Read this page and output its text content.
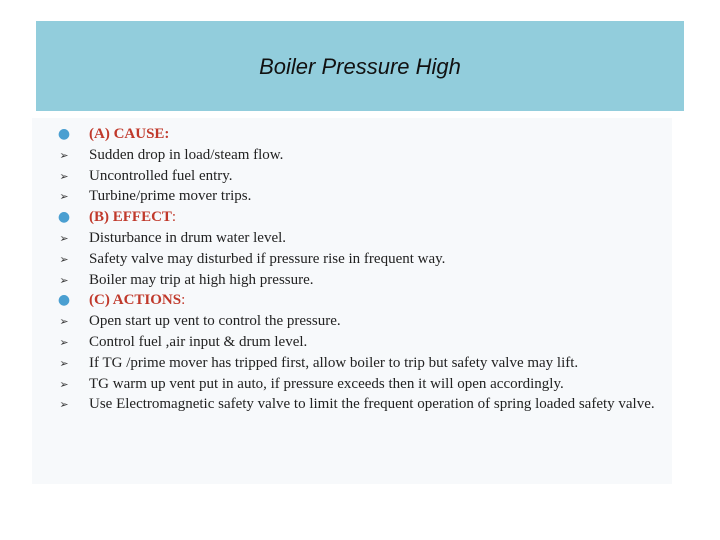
Boiler Pressure High
● (A) CAUSE:
➢ Sudden drop in load/steam flow.
➢ Uncontrolled fuel entry.
➢ Turbine/prime mover trips.
● (B) EFFECT:
➢ Disturbance in drum water level.
➢ Safety valve may disturbed if pressure rise in frequent way.
➢ Boiler may trip at high high pressure.
● (C) ACTIONS:
➢ Open start up vent to control the pressure.
➢ Control fuel ,air input & drum level.
➢ If TG /prime mover has tripped first, allow boiler to trip but safety valve may lift.
➢ TG warm up vent put in auto, if pressure exceeds then it will open accordingly.
➢ Use Electromagnetic safety valve to limit the frequent operation of spring loaded safety valve.
